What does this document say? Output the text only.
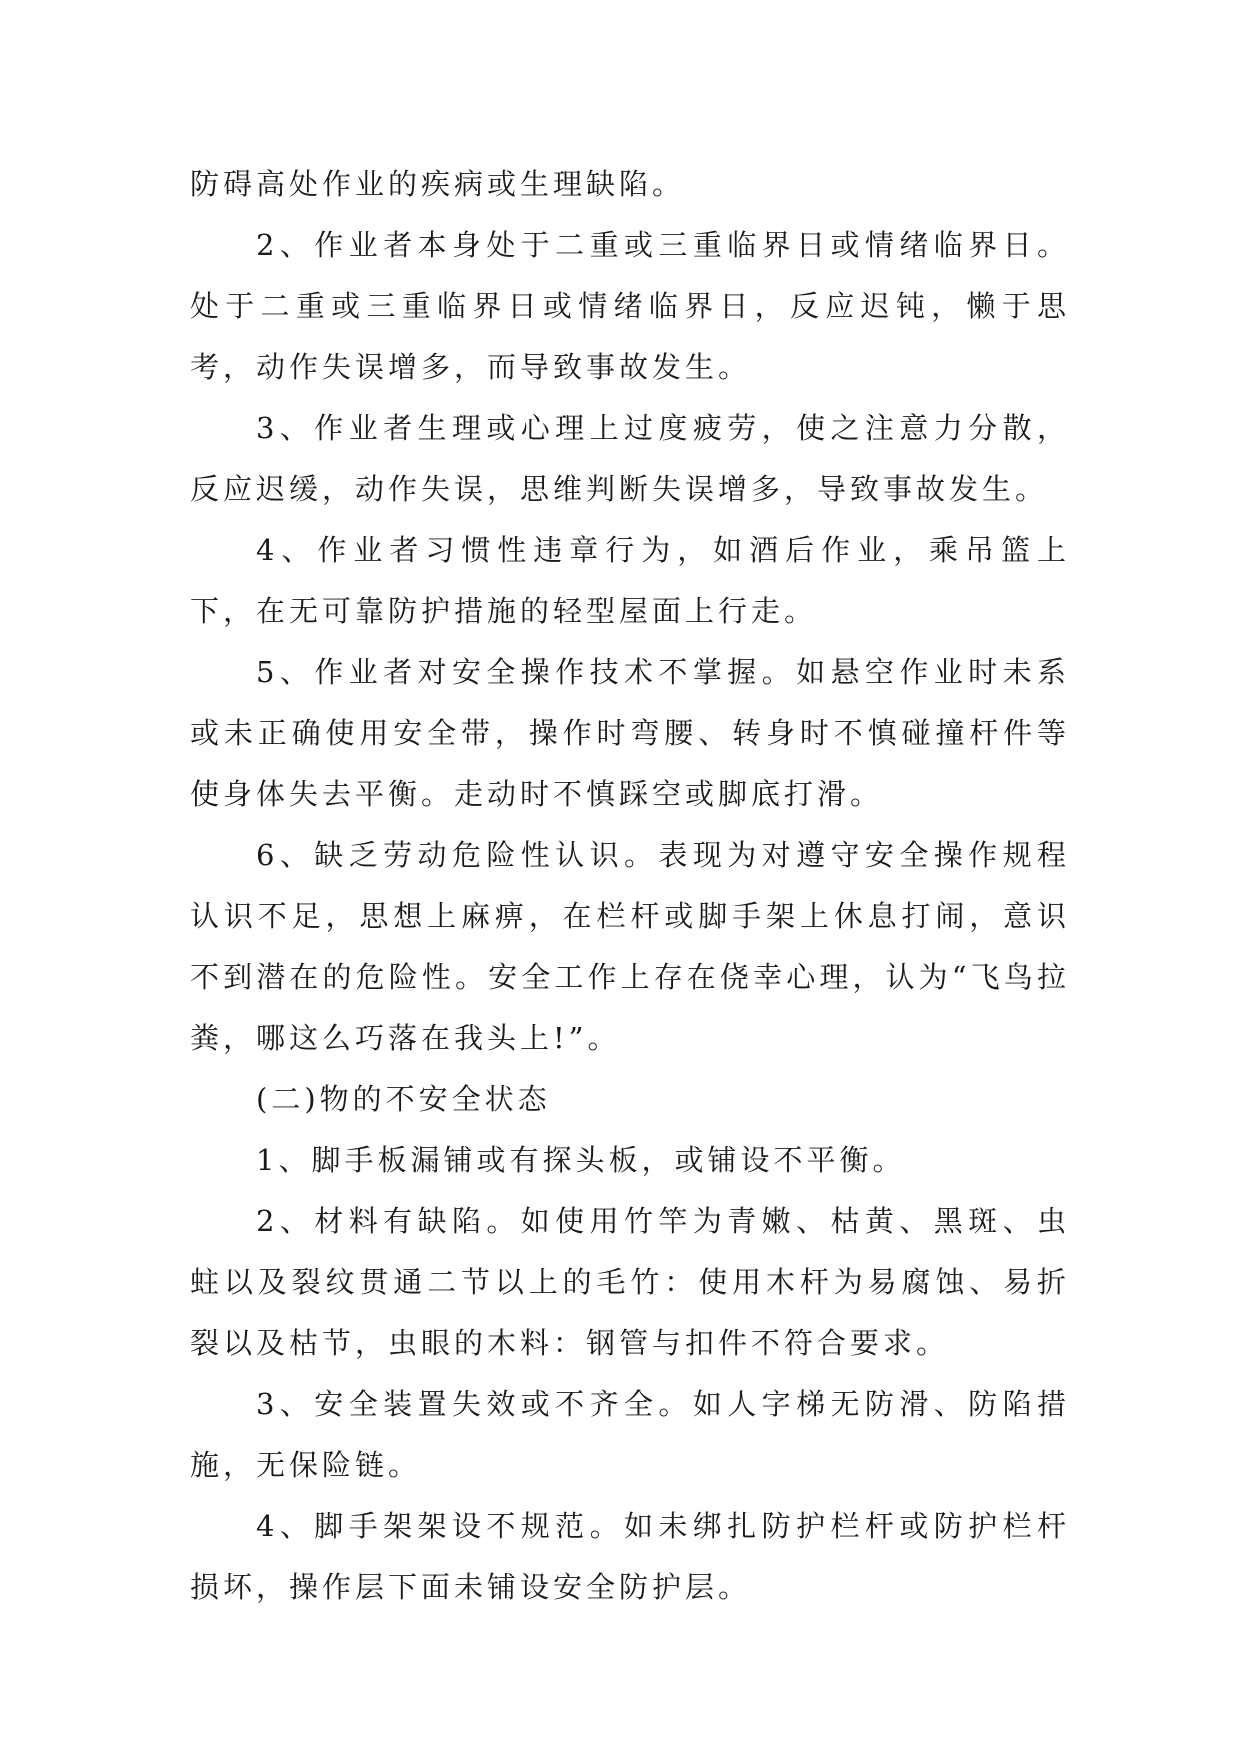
防碍高处作业的疾病或生理缺陷。

2、作业者本身处于二重或三重临界日或情绪临界日。处于二重或三重临界日或情绪临界日，反应迟钝，懒于思考，动作失误增多，而导致事故发生。

3、作业者生理或心理上过度疲劳，使之注意力分散，反应迟缓，动作失误，思维判断失误增多，导致事故发生。

4、作业者习惯性违章行为，如酒后作业，乘吊篮上下，在无可靠防护措施的轻型屋面上行走。

5、作业者对安全操作技术不掌握。如悬空作业时未系或未正确使用安全带，操作时弯腰、转身时不慎碰撞杆件等使身体失去平衡。走动时不慎踩空或脚底打滑。

6、缺乏劳动危险性认识。表现为对遵守安全操作规程认识不足，思想上麻痹，在栏杆或脚手架上休息打闹，意识不到潜在的危险性。安全工作上存在侥幸心理，认为“飞鸟拉粪，哪这么巧落在我头上!”。

(二)物的不安全状态

1、脚手板漏铺或有探头板，或铺设不平衡。

2、材料有缺陷。如使用竹竿为青嫩、枯黄、黑斑、虫蛀以及裂纹贯通二节以上的毛竹：使用木杆为易腐蚀、易折裂以及枯节，虫眼的木料：钢管与扣件不符合要求。

3、安全装置失效或不齐全。如人字梯无防滑、防陷措施，无保险链。

4、脚手架架设不规范。如未绑扎防护栏杆或防护栏杆损坏，操作层下面未铺设安全防护层。
